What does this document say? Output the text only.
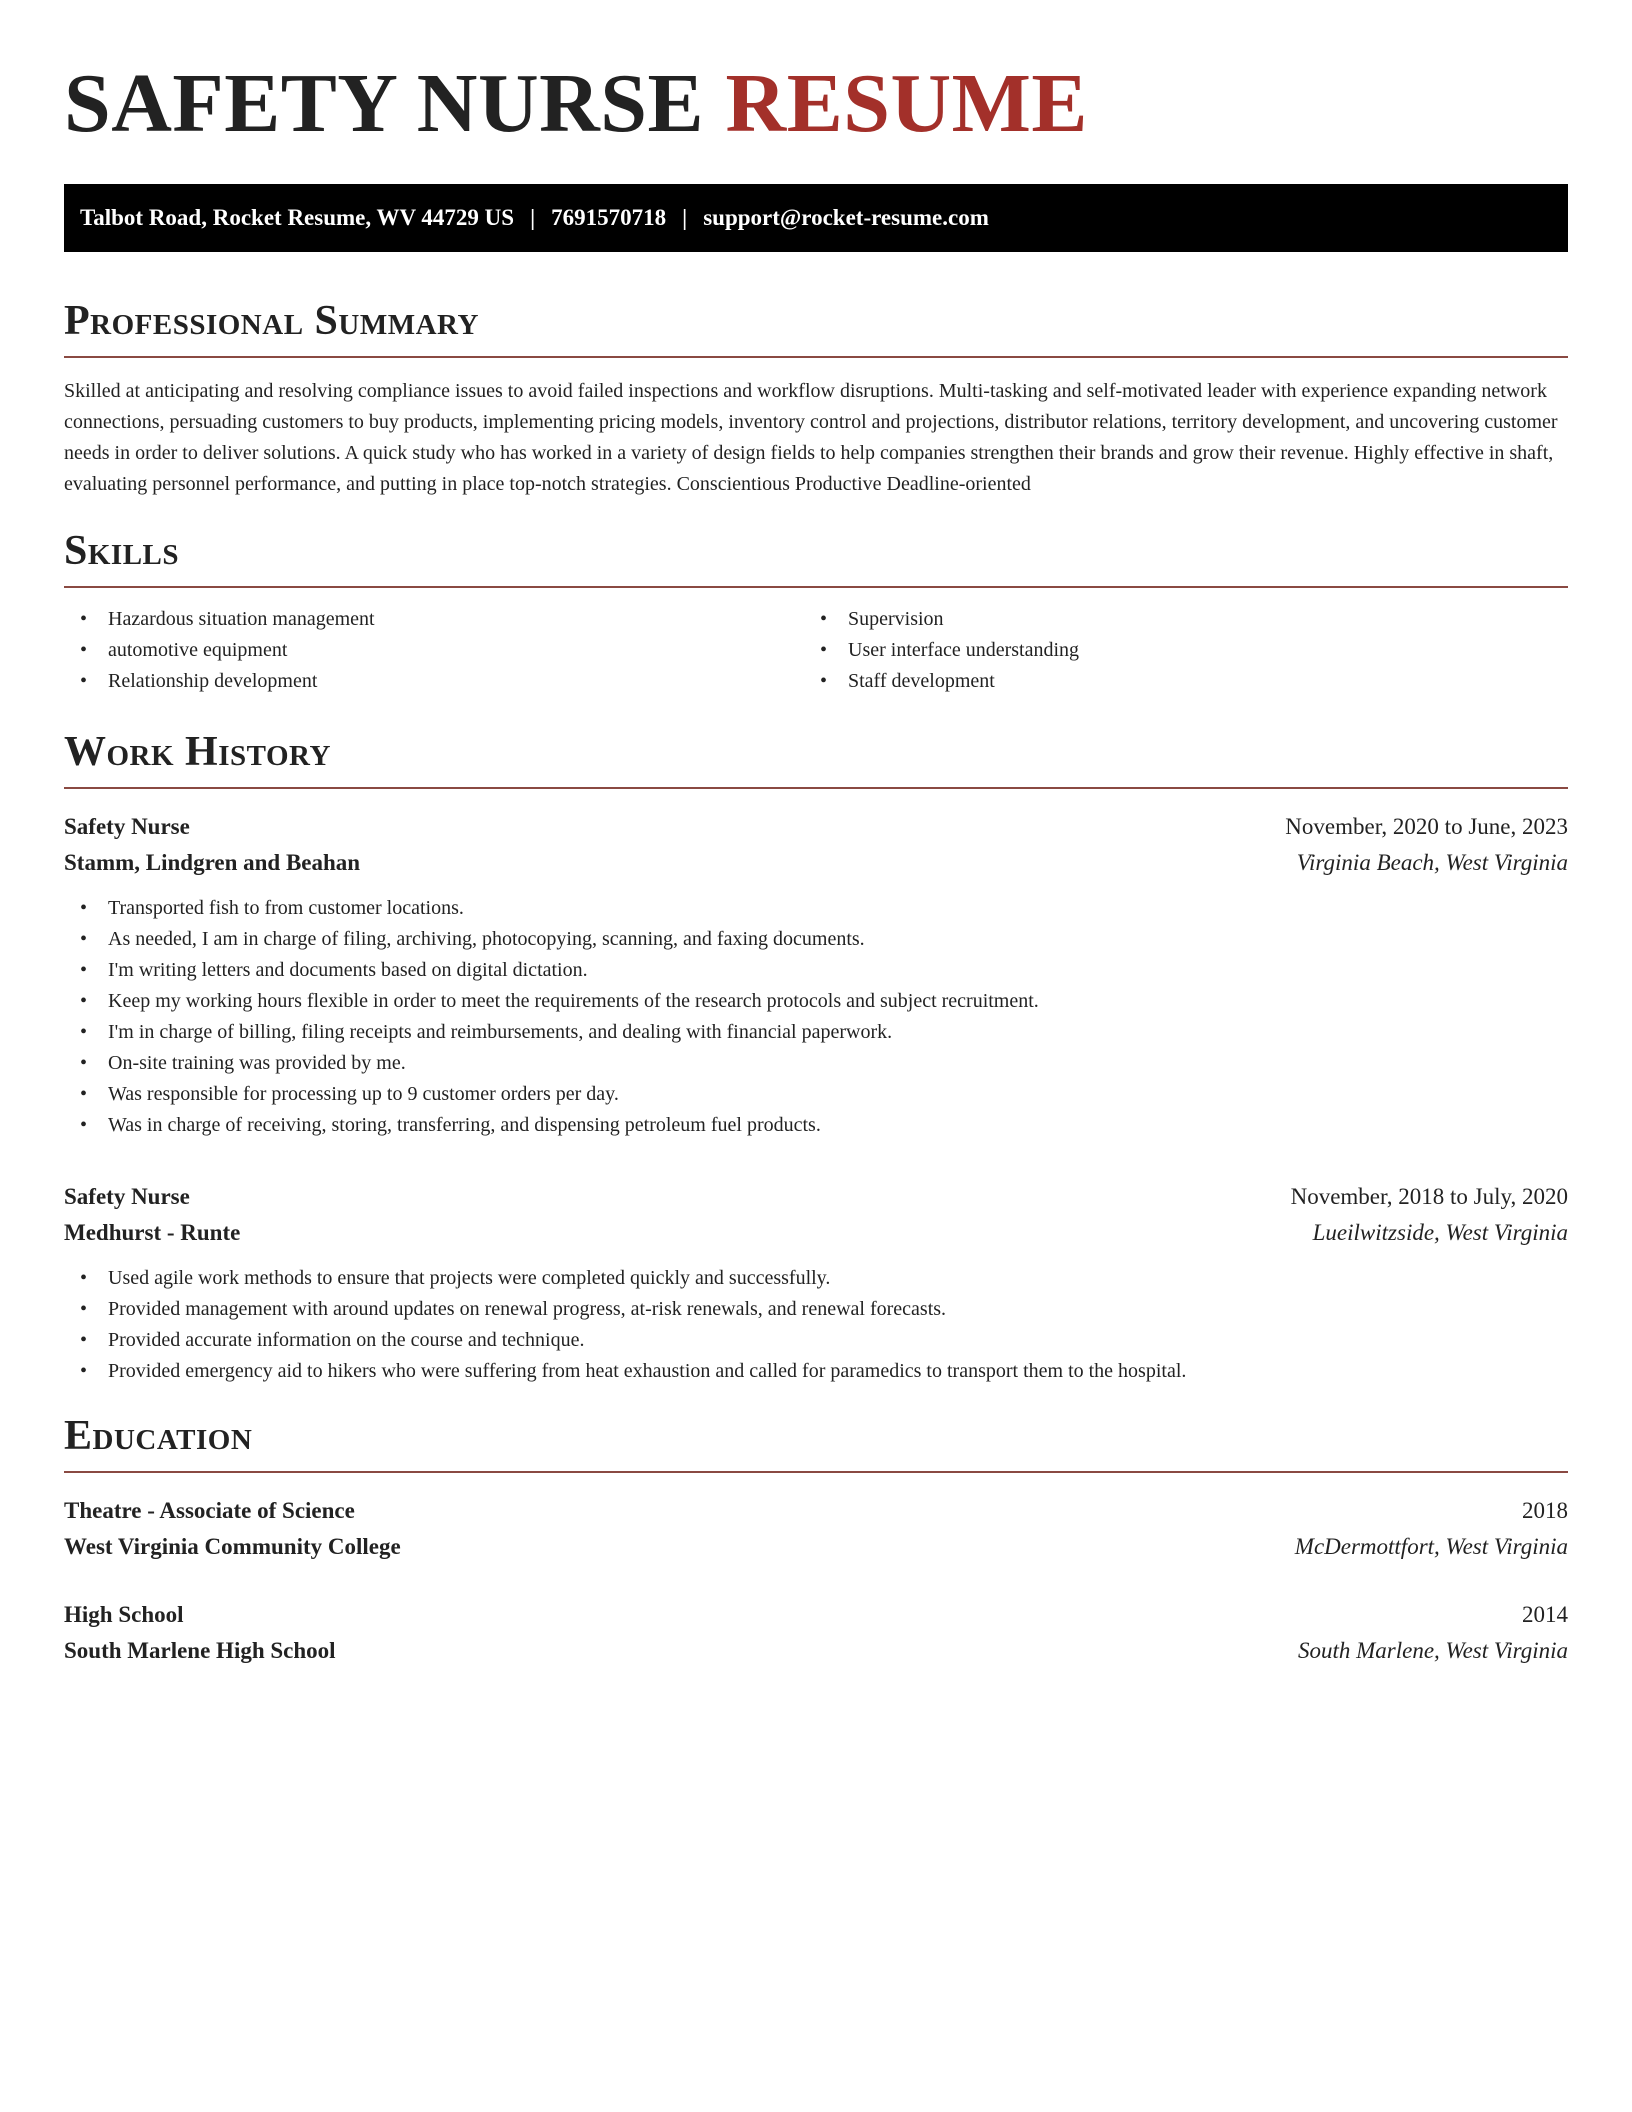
SAFETY NURSE RESUME
Talbot Road, Rocket Resume, WV 44729 US | 7691570718 | support@rocket-resume.com
Professional Summary

Skilled at anticipating and resolving compliance issues to avoid failed inspections and workflow disruptions. Multi-tasking and self-motivated leader with experience expanding network connections, persuading customers to buy products, implementing pricing models, inventory control and projections, distributor relations, territory development, and uncovering customer needs in order to deliver solutions. A quick study who has worked in a variety of design fields to help companies strengthen their brands and grow their revenue. Highly effective in shaft, evaluating personnel performance, and putting in place top-notch strategies. Conscientious Productive Deadline-oriented

Skills
• Hazardous situation management
• automotive equipment
• Relationship development
• Supervision
• User interface understanding
• Staff development
Work History
Safety Nurse	November, 2020 to June, 2023
Stamm, Lindgren and Beahan	Virginia Beach, West Virginia
• Transported fish to from customer locations.
• As needed, I am in charge of filing, archiving, photocopying, scanning, and faxing documents.
• I'm writing letters and documents based on digital dictation.
• Keep my working hours flexible in order to meet the requirements of the research protocols and subject recruitment.
• I'm in charge of billing, filing receipts and reimbursements, and dealing with financial paperwork.
• On-site training was provided by me.
• Was responsible for processing up to 9 customer orders per day.
• Was in charge of receiving, storing, transferring, and dispensing petroleum fuel products.
Safety Nurse	November, 2018 to July, 2020
Medhurst - Runte	Lueilwitzside, West Virginia
• Used agile work methods to ensure that projects were completed quickly and successfully.
• Provided management with around updates on renewal progress, at-risk renewals, and renewal forecasts.
• Provided accurate information on the course and technique.
• Provided emergency aid to hikers who were suffering from heat exhaustion and called for paramedics to transport them to the hospital.
Education
Theatre - Associate of Science	2018
West Virginia Community College	McDermottfort, West Virginia
High School	2014
South Marlene High School	South Marlene, West Virginia
